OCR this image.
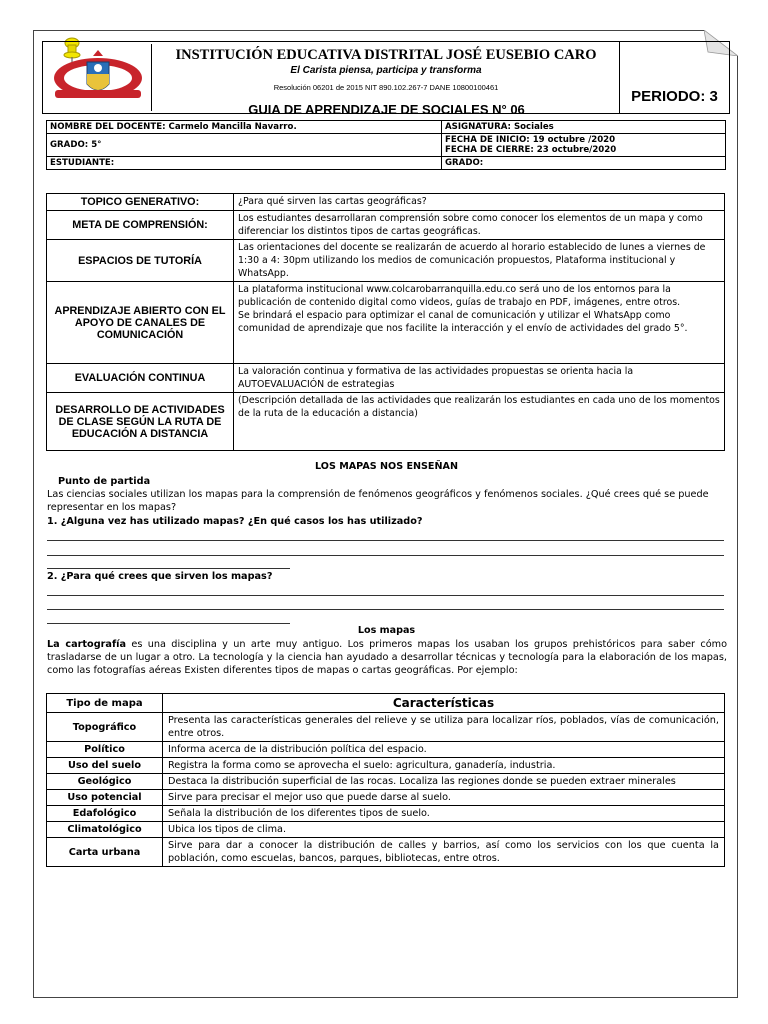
INSTITUCIÓN EDUCATIVA DISTRITAL JOSÉ EUSEBIO CARO
El Carista piensa, participa y transforma
Resolución 06201 de 2015 NIT 890.102.267-7 DANE 10800100461
PERIODO: 3
GUIA DE APRENDIZAJE DE SOCIALES N° 06
NOMBRE DEL DOCENTE: Carmelo Mancilla Navarro.	ASIGNATURA: Sociales
GRADO: 5°	FECHA DE INICIO: 19 octubre /2020
FECHA DE CIERRE: 23 octubre/2020

ESTUDIANTE:	GRADO:
TOPICO GENERATIVO:	¿Para qué sirven las cartas geográficas?
META DE COMPRENSIÓN:	Los estudiantes desarrollaran comprensión sobre como conocer los elementos de un mapa y como diferenciar los distintos tipos de cartas geográficas.
ESPACIOS DE TUTORÍA	Las orientaciones del docente se realizarán de acuerdo al horario establecido de lunes a viernes de 1:30 a 4: 30pm utilizando los medios de comunicación propuestos, Plataforma institucional y WhatsApp.
APRENDIZAJE ABIERTO CON EL APOYO DE CANALES DE COMUNICACIÓN	La plataforma institucional www.colcarobarranquilla.edu.co será uno de los entornos para la publicación de contenido digital como videos, guías de trabajo en PDF, imágenes, entre otros.
Se brindará el espacio para optimizar el canal de comunicación y utilizar el WhatsApp como comunidad de aprendizaje que nos facilite la interacción y el envío de actividades del grado 5°.
EVALUACIÓN CONTINUA	La valoración continua y formativa de las actividades propuestas se orienta hacia la AUTOEVALUACIÓN de estrategias
DESARROLLO DE ACTIVIDADES DE CLASE SEGÚN LA RUTA DE EDUCACIÓN A DISTANCIA	(Descripción detallada de las actividades que realizarán los estudiantes en cada uno de los momentos de la ruta de la educación a distancia)
LOS MAPAS NOS ENSEÑAN
Punto de partida
Las ciencias sociales utilizan los mapas para la comprensión de fenómenos geográficos y fenómenos sociales. ¿Qué crees qué se puede representar en los mapas?
1. ¿Alguna vez has utilizado mapas? ¿En qué casos los has utilizado?
2. ¿Para qué crees que sirven los mapas?
Los mapas
La cartografía es una disciplina y un arte muy antiguo. Los primeros mapas los usaban los grupos prehistóricos para saber cómo trasladarse de un lugar a otro. La tecnología y la ciencia han ayudado a desarrollar técnicas y tecnología para la elaboración de los mapas, como las fotografías aéreas Existen diferentes tipos de mapas o cartas geográficas. Por ejemplo:
Tipo de mapa	Características
Topográfico	Presenta las características generales del relieve y se utiliza para localizar ríos, poblados, vías de comunicación, entre otros.
Político	Informa acerca de la distribución política del espacio.
Uso del suelo	Registra la forma como se aprovecha el suelo: agricultura, ganadería, industria.
Geológico	Destaca la distribución superficial de las rocas. Localiza las regiones donde se pueden extraer minerales
Uso potencial	Sirve para precisar el mejor uso que puede darse al suelo.
Edafológico	Señala la distribución de los diferentes tipos de suelo.
Climatológico	Ubica los tipos de clima.
Carta urbana	Sirve para dar a conocer la distribución de calles y barrios, así como los servicios con los que cuenta la población, como escuelas, bancos, parques, bibliotecas, entre otros.
